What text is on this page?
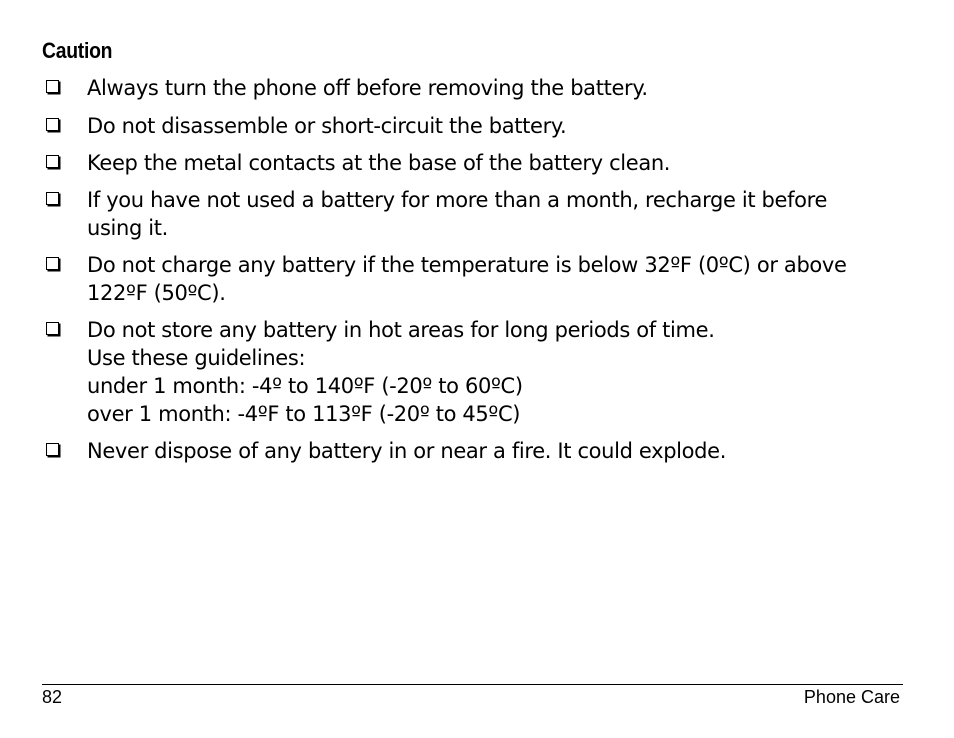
Caution
Always turn the phone off before removing the battery.
Do not disassemble or short-circuit the battery.
Keep the metal contacts at the base of the battery clean.
If you have not used a battery for more than a month, recharge it before
using it.
Do not charge any battery if the temperature is below 32ºF (0ºC) or above
122ºF (50ºC).
Do not store any battery in hot areas for long periods of time.
Use these guidelines:
under 1 month: -4º to 140ºF (-20º to 60ºC)
over 1 month: -4ºF to 113ºF (-20º to 45ºC)
Never dispose of any battery in or near a fire. It could explode.
82	Phone Care
